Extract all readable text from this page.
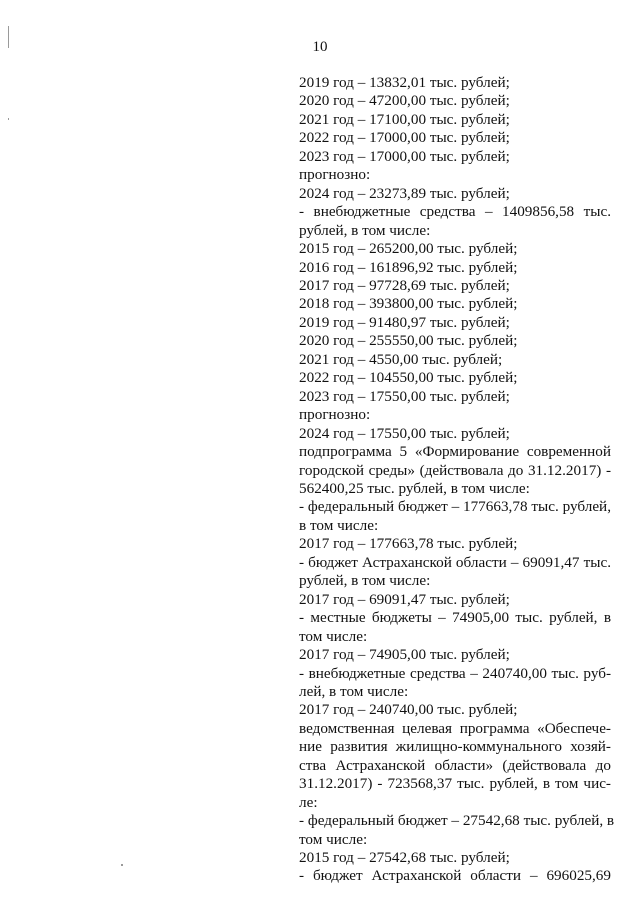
10
2019 год – 13832,01 тыс. рублей;
2020 год – 47200,00 тыс. рублей;
2021 год – 17100,00 тыс. рублей;
2022 год – 17000,00 тыс. рублей;
2023 год – 17000,00 тыс. рублей;
прогнозно:
2024 год – 23273,89 тыс. рублей;
- внебюджетные средства – 1409856,58 тыс.
рублей, в том числе:
2015 год – 265200,00 тыс. рублей;
2016 год – 161896,92 тыс. рублей;
2017 год – 97728,69 тыс. рублей;
2018 год – 393800,00 тыс. рублей;
2019 год – 91480,97 тыс. рублей;
2020 год – 255550,00 тыс. рублей;
2021 год – 4550,00 тыс. рублей;
2022 год – 104550,00 тыс. рублей;
2023 год – 17550,00 тыс. рублей;
прогнозно:
2024 год – 17550,00 тыс. рублей;
подпрограмма 5 «Формирование современной
городской среды» (действовала до 31.12.2017) -
562400,25 тыс. рублей, в том числе:
- федеральный бюджет – 177663,78 тыс. рублей,
в том числе:
2017 год – 177663,78 тыс. рублей;
- бюджет Астраханской области – 69091,47 тыс.
рублей, в том числе:
2017 год – 69091,47 тыс. рублей;
- местные бюджеты – 74905,00 тыс. рублей, в
том числе:
2017 год – 74905,00 тыс. рублей;
- внебюджетные средства – 240740,00 тыс. руб-
лей, в том числе:
2017 год – 240740,00 тыс. рублей;
ведомственная целевая программа «Обеспече-
ние развития жилищно-коммунального хозяй-
ства Астраханской области» (действовала до
31.12.2017) - 723568,37 тыс. рублей, в том чис-
ле:
- федеральный бюджет – 27542,68 тыс. рублей, в
том числе:
2015 год – 27542,68 тыс. рублей;
- бюджет Астраханской области – 696025,69
